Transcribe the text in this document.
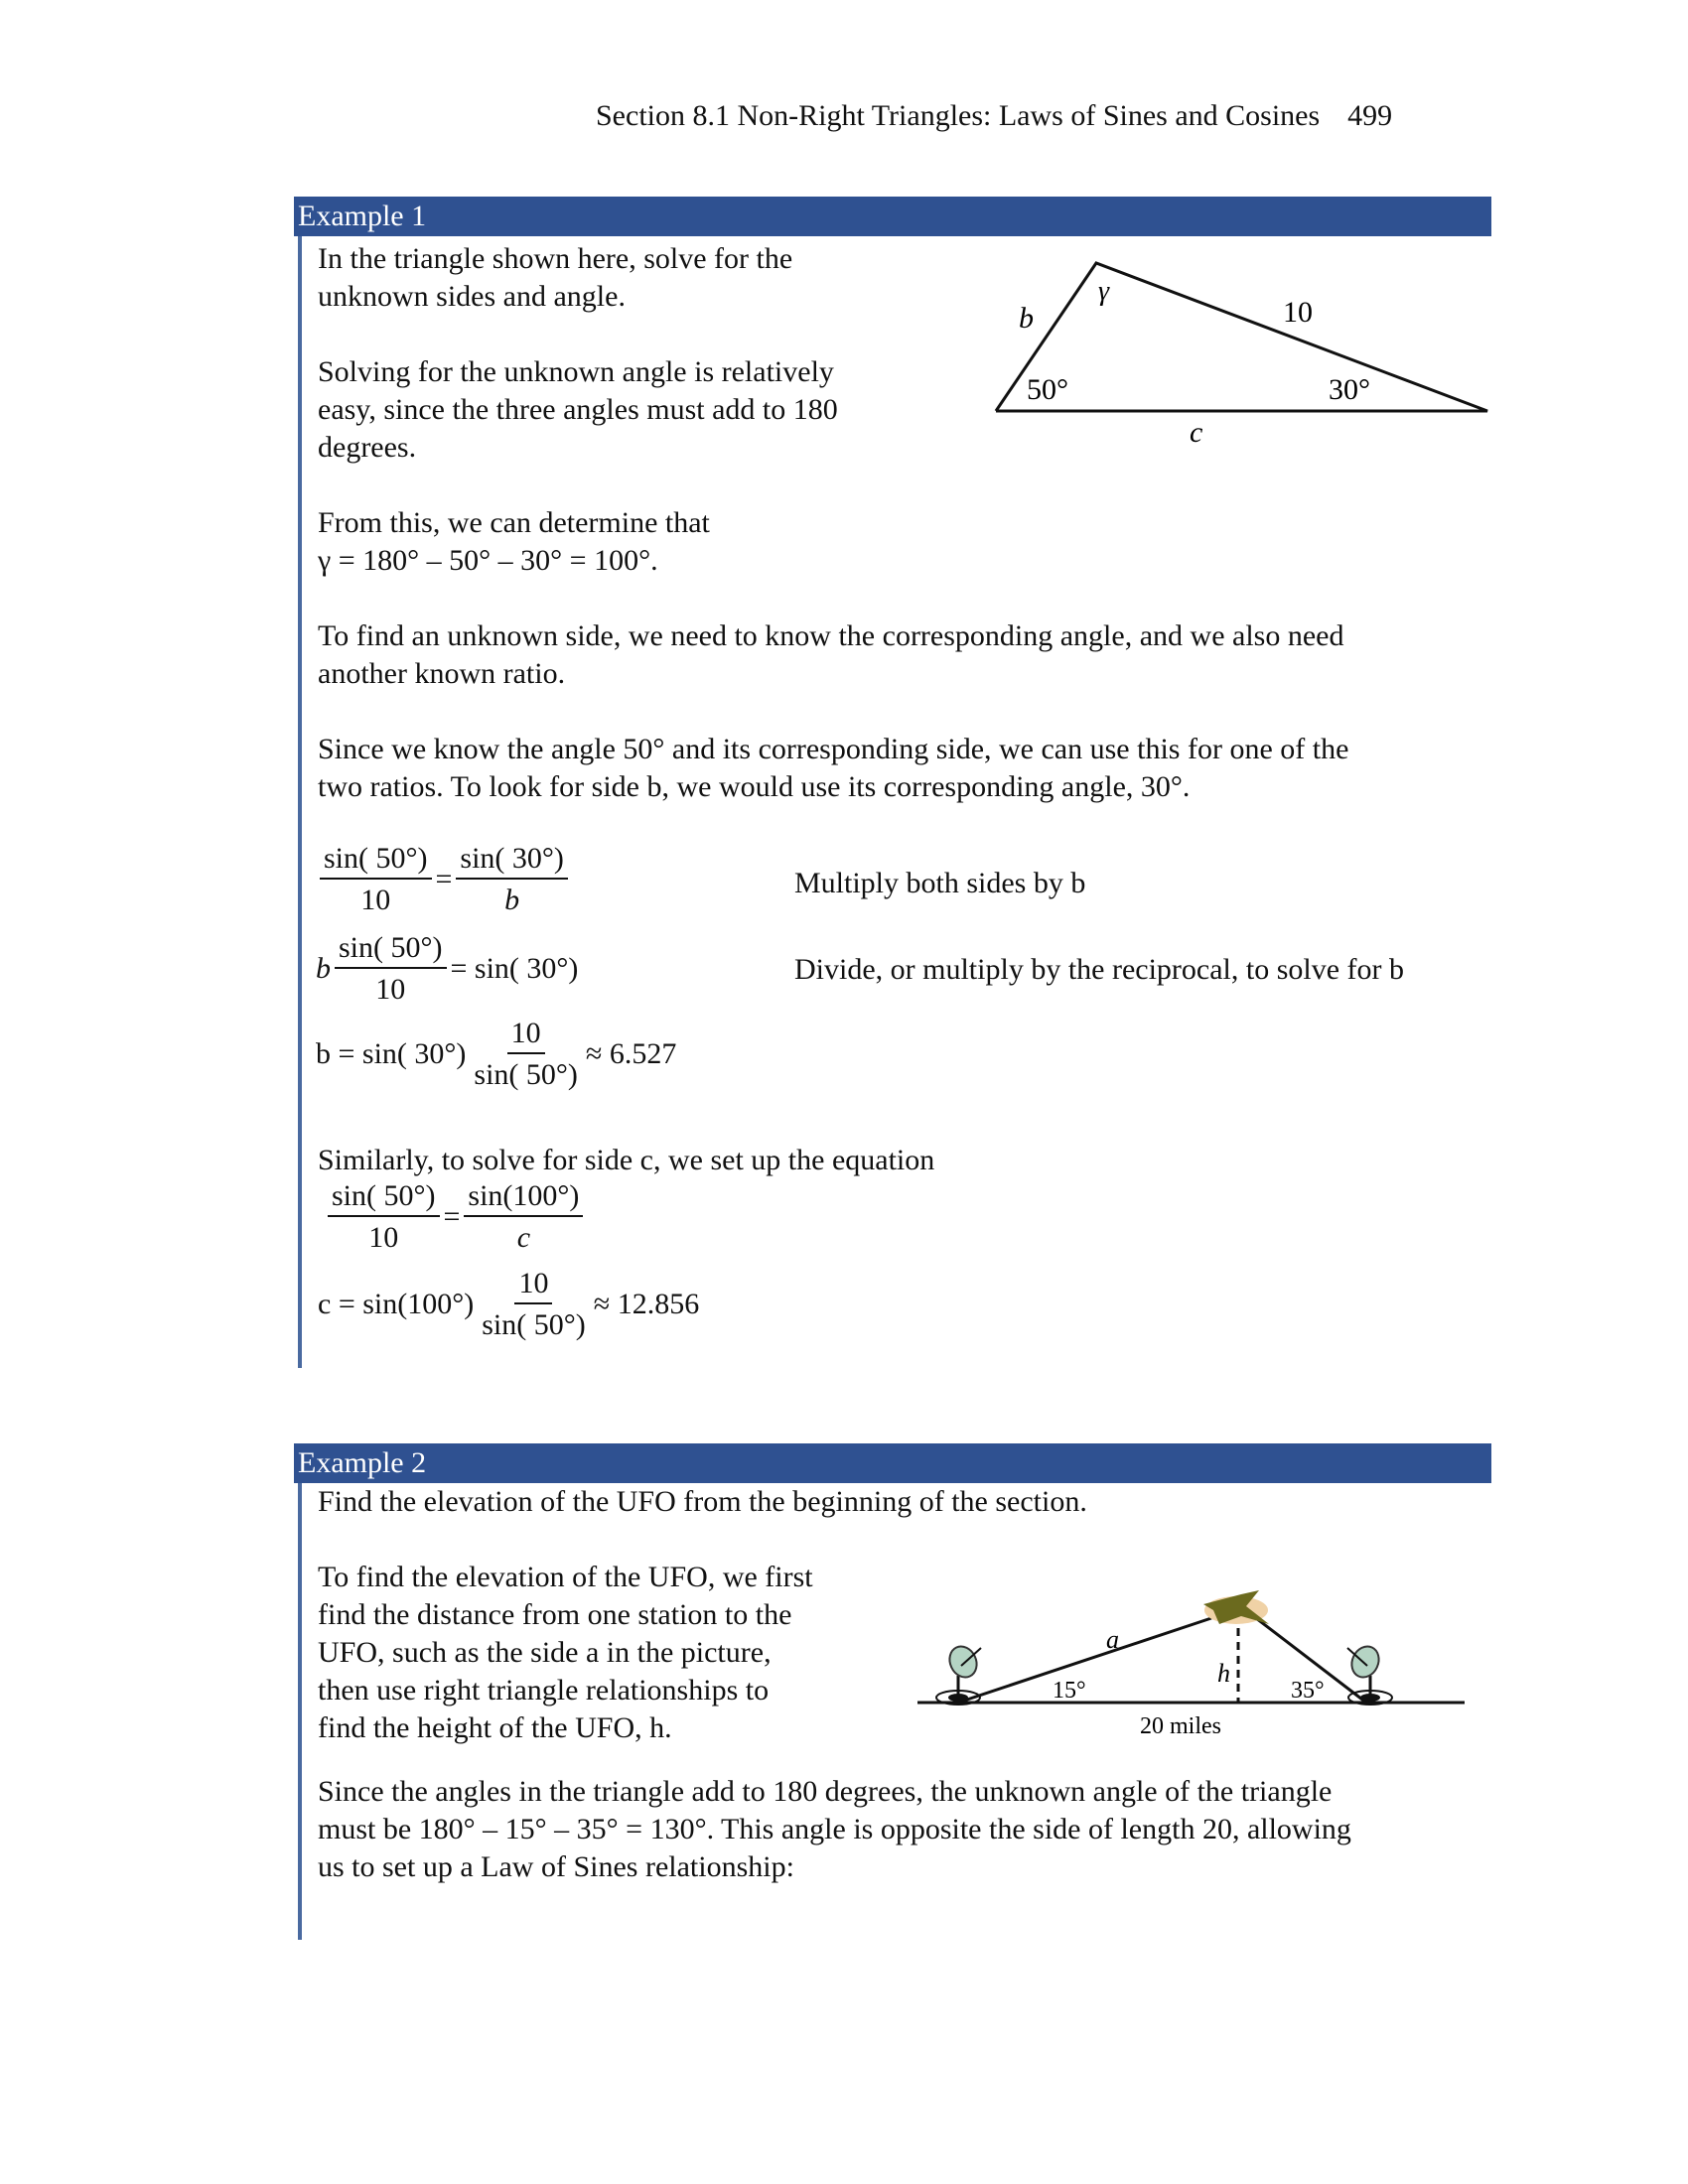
Section 8.1 Non-Right Triangles: Laws of Sines and Cosines 499
Example 1
In the triangle shown here, solve for the
unknown sides and angle.
Solving for the unknown angle is relatively
easy, since the three angles must add to 180
degrees.
b
γ
10
50°	30°
c
From this, we can determine that
γ = 180° – 50° – 30° = 100°.
To find an unknown side, we need to know the corresponding angle, and we also need
another known ratio.
Since we know the angle 50° and its corresponding side, we can use this for one of the
two ratios. To look for side b, we would use its corresponding angle, 30°.
$\frac{\sin( 50^\circ)}{10} = \frac{\sin( 30^\circ)}{b}$	Multiply both sides by b
b $\frac{\sin( 50^\circ)}{10} = \sin$( 30°)	Divide, or multiply by the reciprocal, to solve for b
b = sin( $30^\circ) \frac{10}{\sin( 50^\circ)} \approx 6.527$
Similarly, to solve for side c, we set up the equation
$\frac{\sin( 50^\circ)}{10} = \frac{\sin(100^\circ)}{c}$
$c = \sin(100^\circ) \frac{10}{\sin( 50^\circ)} \approx 12.856$
Example 2
Find the elevation of the UFO from the beginning of the section.
To find the elevation of the UFO, we first
find the distance from one station to the
UFO, such as the side a in the picture,
then use right triangle relationships to
find the height of the UFO, h.
a
h
15°	35°
20 miles
Since the angles in the triangle add to 180 degrees, the unknown angle of the triangle
must be 180° – 15° – 35° = 130°. This angle is opposite the side of length 20, allowing
us to set up a Law of Sines relationship:
